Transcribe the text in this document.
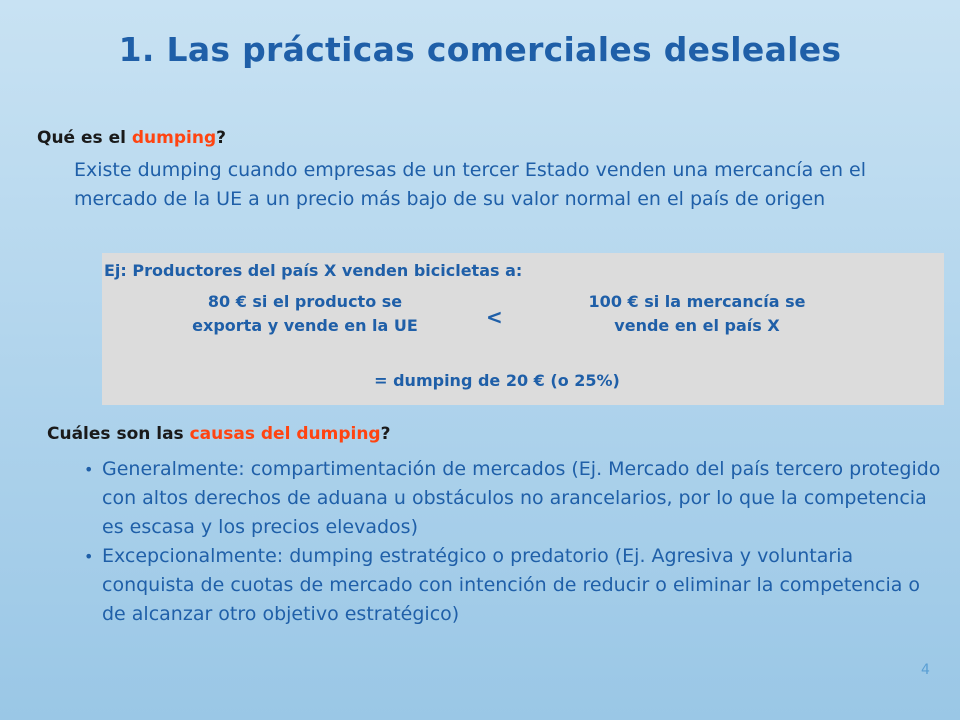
1. Las prácticas comerciales desleales
Qué es el dumping?
Existe dumping cuando empresas de un tercer Estado venden una mercancía en el mercado de la UE a un precio más bajo de su valor normal en el país de origen
Ej: Productores del país X venden bicicletas a:
80 € si el producto se
exporta y vende en la UE	<
100 € si la mercancía se
vende en el país X
= dumping de 20 € (o 25%)
Cuáles son las causas del dumping?
• Generalmente: compartimentación de mercados (Ej. Mercado del país tercero protegido con altos derechos de aduana u obstáculos no arancelarios, por lo que la competencia es escasa y los precios elevados)
• Excepcionalmente: dumping estratégico o predatorio (Ej. Agresiva y voluntaria conquista de cuotas de mercado con intención de reducir o eliminar la competencia o de alcanzar otro objetivo estratégico)
4
